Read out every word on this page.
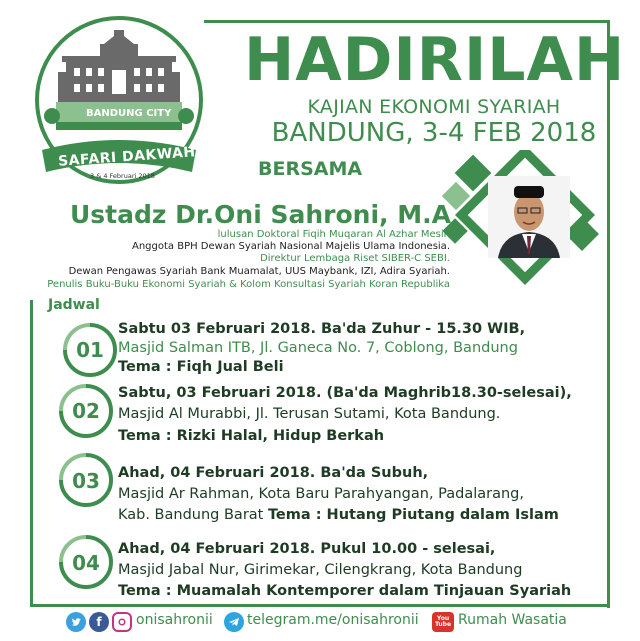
BANDUNG CITY
SAFARI DAKWAH
3 & 4 Februari 2018
HADIRILAH
KAJIAN EKONOMI SYARIAH
BANDUNG, 3-4 FEB 2018
BERSAMA
Ustadz Dr.Oni Sahroni, M.A
lulusan Doktoral Fiqih Muqaran Al Azhar Mesir.
Anggota BPH Dewan Syariah Nasional Majelis Ulama Indonesia.
Direktur Lembaga Riset SIBER-C SEBI.
Dewan Pengawas Syariah Bank Muamalat, UUS Maybank, IZI, Adira Syariah.
Penulis Buku-Buku Ekonomi Syariah & Kolom Konsultasi Syariah Koran Republika
Jadwal
01
Sabtu 03 Februari 2018. Ba'da Zuhur - 15.30 WIB,
Masjid Salman ITB, Jl. Ganeca No. 7, Coblong, Bandung
Tema : Fiqh Jual Beli
02
Sabtu, 03 Februari 2018. (Ba'da Maghrib18.30-selesai),
Masjid Al Murabbi, Jl. Terusan Sutami, Kota Bandung.
Tema : Rizki Halal, Hidup Berkah
03	Ahad, 04 Februari 2018. Ba'da Subuh,
Masjid Ar Rahman, Kota Baru Parahyangan, Padalarang,
Kab. Bandung Barat Tema : Hutang Piutang dalam Islam
04
Ahad, 04 Februari 2018. Pukul 10.00 - selesai,
Masjid Jabal Nur, Girimekar, Cilengkrang, Kota Bandung
Tema : Muamalah Kontemporer dalam Tinjauan Syariah
f	onisahronii telegram.me/onisahronii	You Tube Rumah Wasatia
